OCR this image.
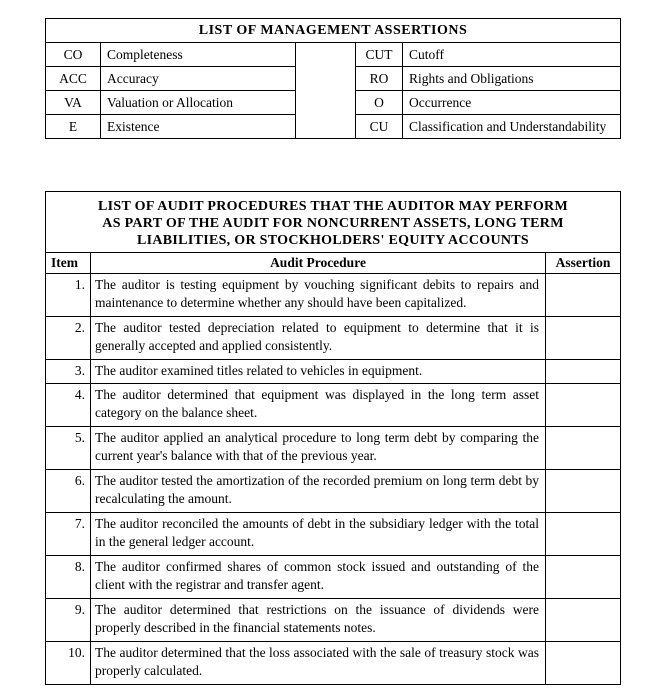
LIST OF MANAGEMENT ASSERTIONS				
CO	Completeness		CUT	Cutoff
ACC	Accuracy		RO	Rights and Obligations
VA	Valuation or Allocation		O	Occurrence
E	Existence		CU	Classification and Understandability
LIST OF AUDIT PROCEDURES THAT THE AUDITOR MAY PERFORM
AS PART OF THE AUDIT FOR NONCURRENT ASSETS, LONG TERM
LIABILITIES, OR STOCKHOLDERS' EQUITY ACCOUNTS		

Item	Audit Procedure	Assertion
1.	The auditor is testing equipment by vouching significant debits to repairs and maintenance to determine whether any should have been capitalized.	
2.	The auditor tested depreciation related to equipment to determine that it is generally accepted and applied consistently.	
3.	The auditor examined titles related to vehicles in equipment.	
4.	The auditor determined that equipment was displayed in the long term asset category on the balance sheet.	
5.	The auditor applied an analytical procedure to long term debt by comparing the current year's balance with that of the previous year.	
6.	The auditor tested the amortization of the recorded premium on long term debt by recalculating the amount.	
7.	The auditor reconciled the amounts of debt in the subsidiary ledger with the total in the general ledger account.	
8.	The auditor confirmed shares of common stock issued and outstanding of the client with the registrar and transfer agent.	
9.	The auditor determined that restrictions on the issuance of dividends were properly described in the financial statements notes.	
10.	The auditor determined that the loss associated with the sale of treasury stock was properly calculated.	
